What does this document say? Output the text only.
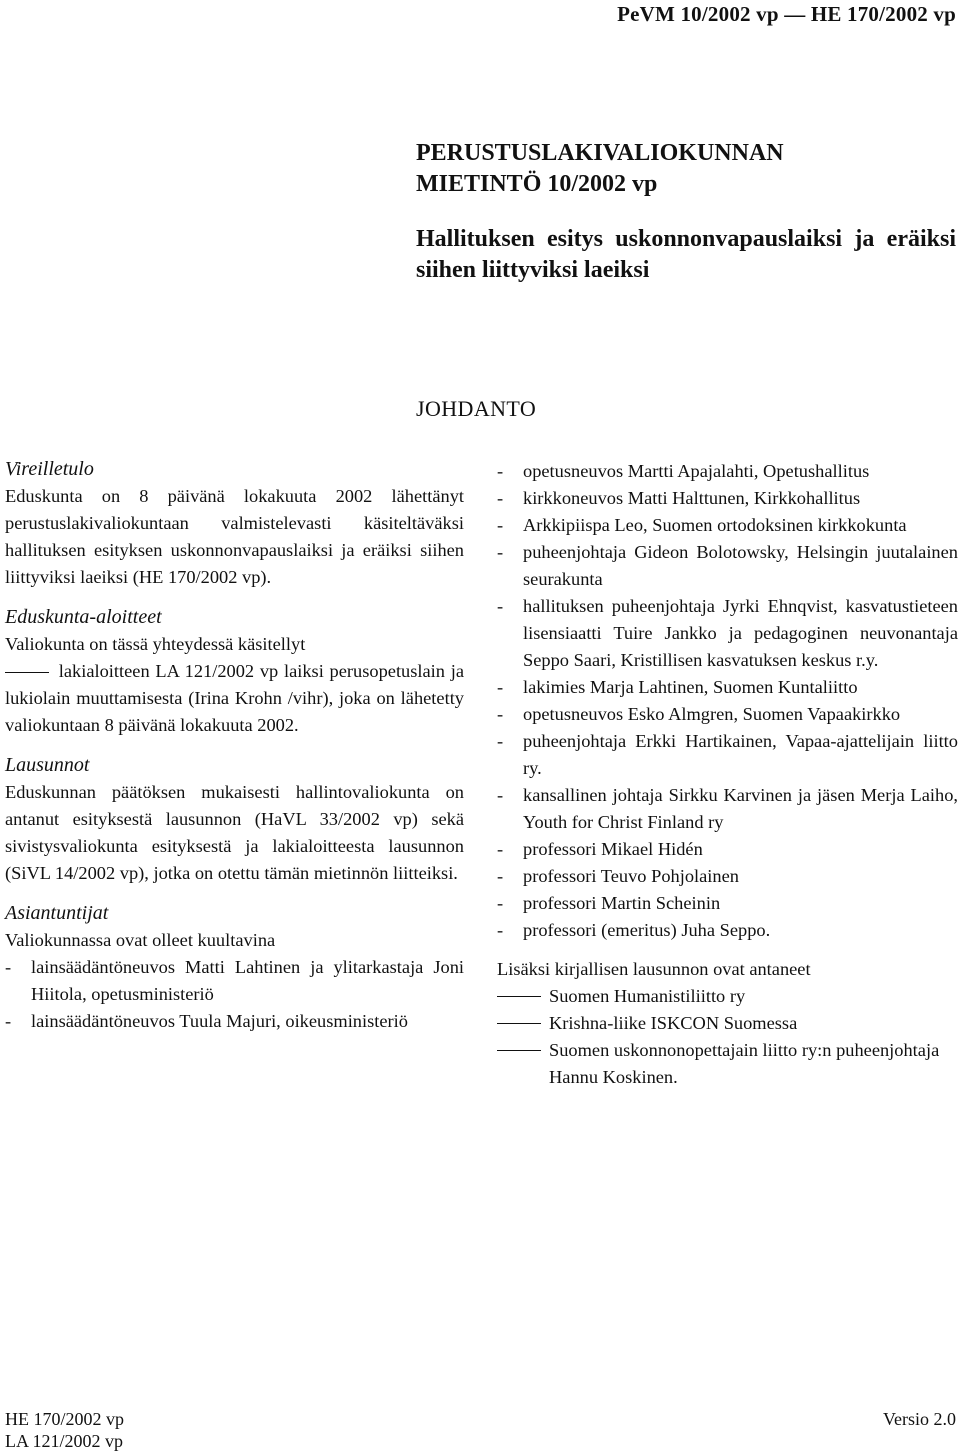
PeVM 10/2002 vp — HE 170/2002 vp
PERUSTUSLAKIVALIOKUNNAN
MIETINTÖ 10/2002 vp
Hallituksen esitys uskonnonvapauslaiksi ja eräiksi siihen liittyviksi laeiksi
JOHDANTO
Vireilletulo

Eduskunta on 8 päivänä lokakuuta 2002 lähettänyt perustuslakivaliokuntaan valmistelevasti käsiteltäväksi hallituksen esityksen uskonnonvapauslaiksi ja eräiksi siihen liittyviksi laeiksi (HE 170/2002 vp).

Eduskunta-aloitteet

Valiokunta on tässä yhteydessä käsitellyt

lakialoitteen LA 121/2002 vp laiksi perusopetuslain ja lukiolain muuttamisesta (Irina Krohn /vihr), joka on lähetetty valiokuntaan 8 päivänä lokakuuta 2002.

Lausunnot

Eduskunnan päätöksen mukaisesti hallintovaliokunta on antanut esityksestä lausunnon (HaVL 33/2002 vp) sekä sivistysvaliokunta esityksestä ja lakialoitteesta lausunnon (SiVL 14/2002 vp), jotka on otettu tämän mietinnön liitteiksi.

Asiantuntijat

Valiokunnassa ovat olleet kuultavina

- lainsäädäntöneuvos Matti Lahtinen ja ylitarkastaja Joni Hiitola, opetusministeriö
- lainsäädäntöneuvos Tuula Majuri, oikeusministeriö
- opetusneuvos Martti Apajalahti, Opetushallitus
- kirkkoneuvos Matti Halttunen, Kirkkohallitus
- Arkkipiispa Leo, Suomen ortodoksinen kirkkokunta
- puheenjohtaja Gideon Bolotowsky, Helsingin juutalainen seurakunta
- hallituksen puheenjohtaja Jyrki Ehnqvist, kasvatustieteen lisensiaatti Tuire Jankko ja pedagoginen neuvonantaja Seppo Saari, Kristillisen kasvatuksen keskus r.y.
- lakimies Marja Lahtinen, Suomen Kuntaliitto
- opetusneuvos Esko Almgren, Suomen Vapaakirkko
- puheenjohtaja Erkki Hartikainen, Vapaa-ajattelijain liitto ry.
- kansallinen johtaja Sirkku Karvinen ja jäsen Merja Laiho, Youth for Christ Finland ry
- professori Mikael Hidén
- professori Teuvo Pohjolainen
- professori Martin Scheinin
- professori (emeritus) Juha Seppo.

Lisäksi kirjallisen lausunnon ovat antaneet

Suomen Humanistiliitto ry
Krishna-liike ISKCON Suomessa
Suomen uskonnonopettajain liitto ry:n puheenjohtaja Hannu Koskinen.
HE 170/2002 vp
LA 121/2002 vp
Versio 2.0
